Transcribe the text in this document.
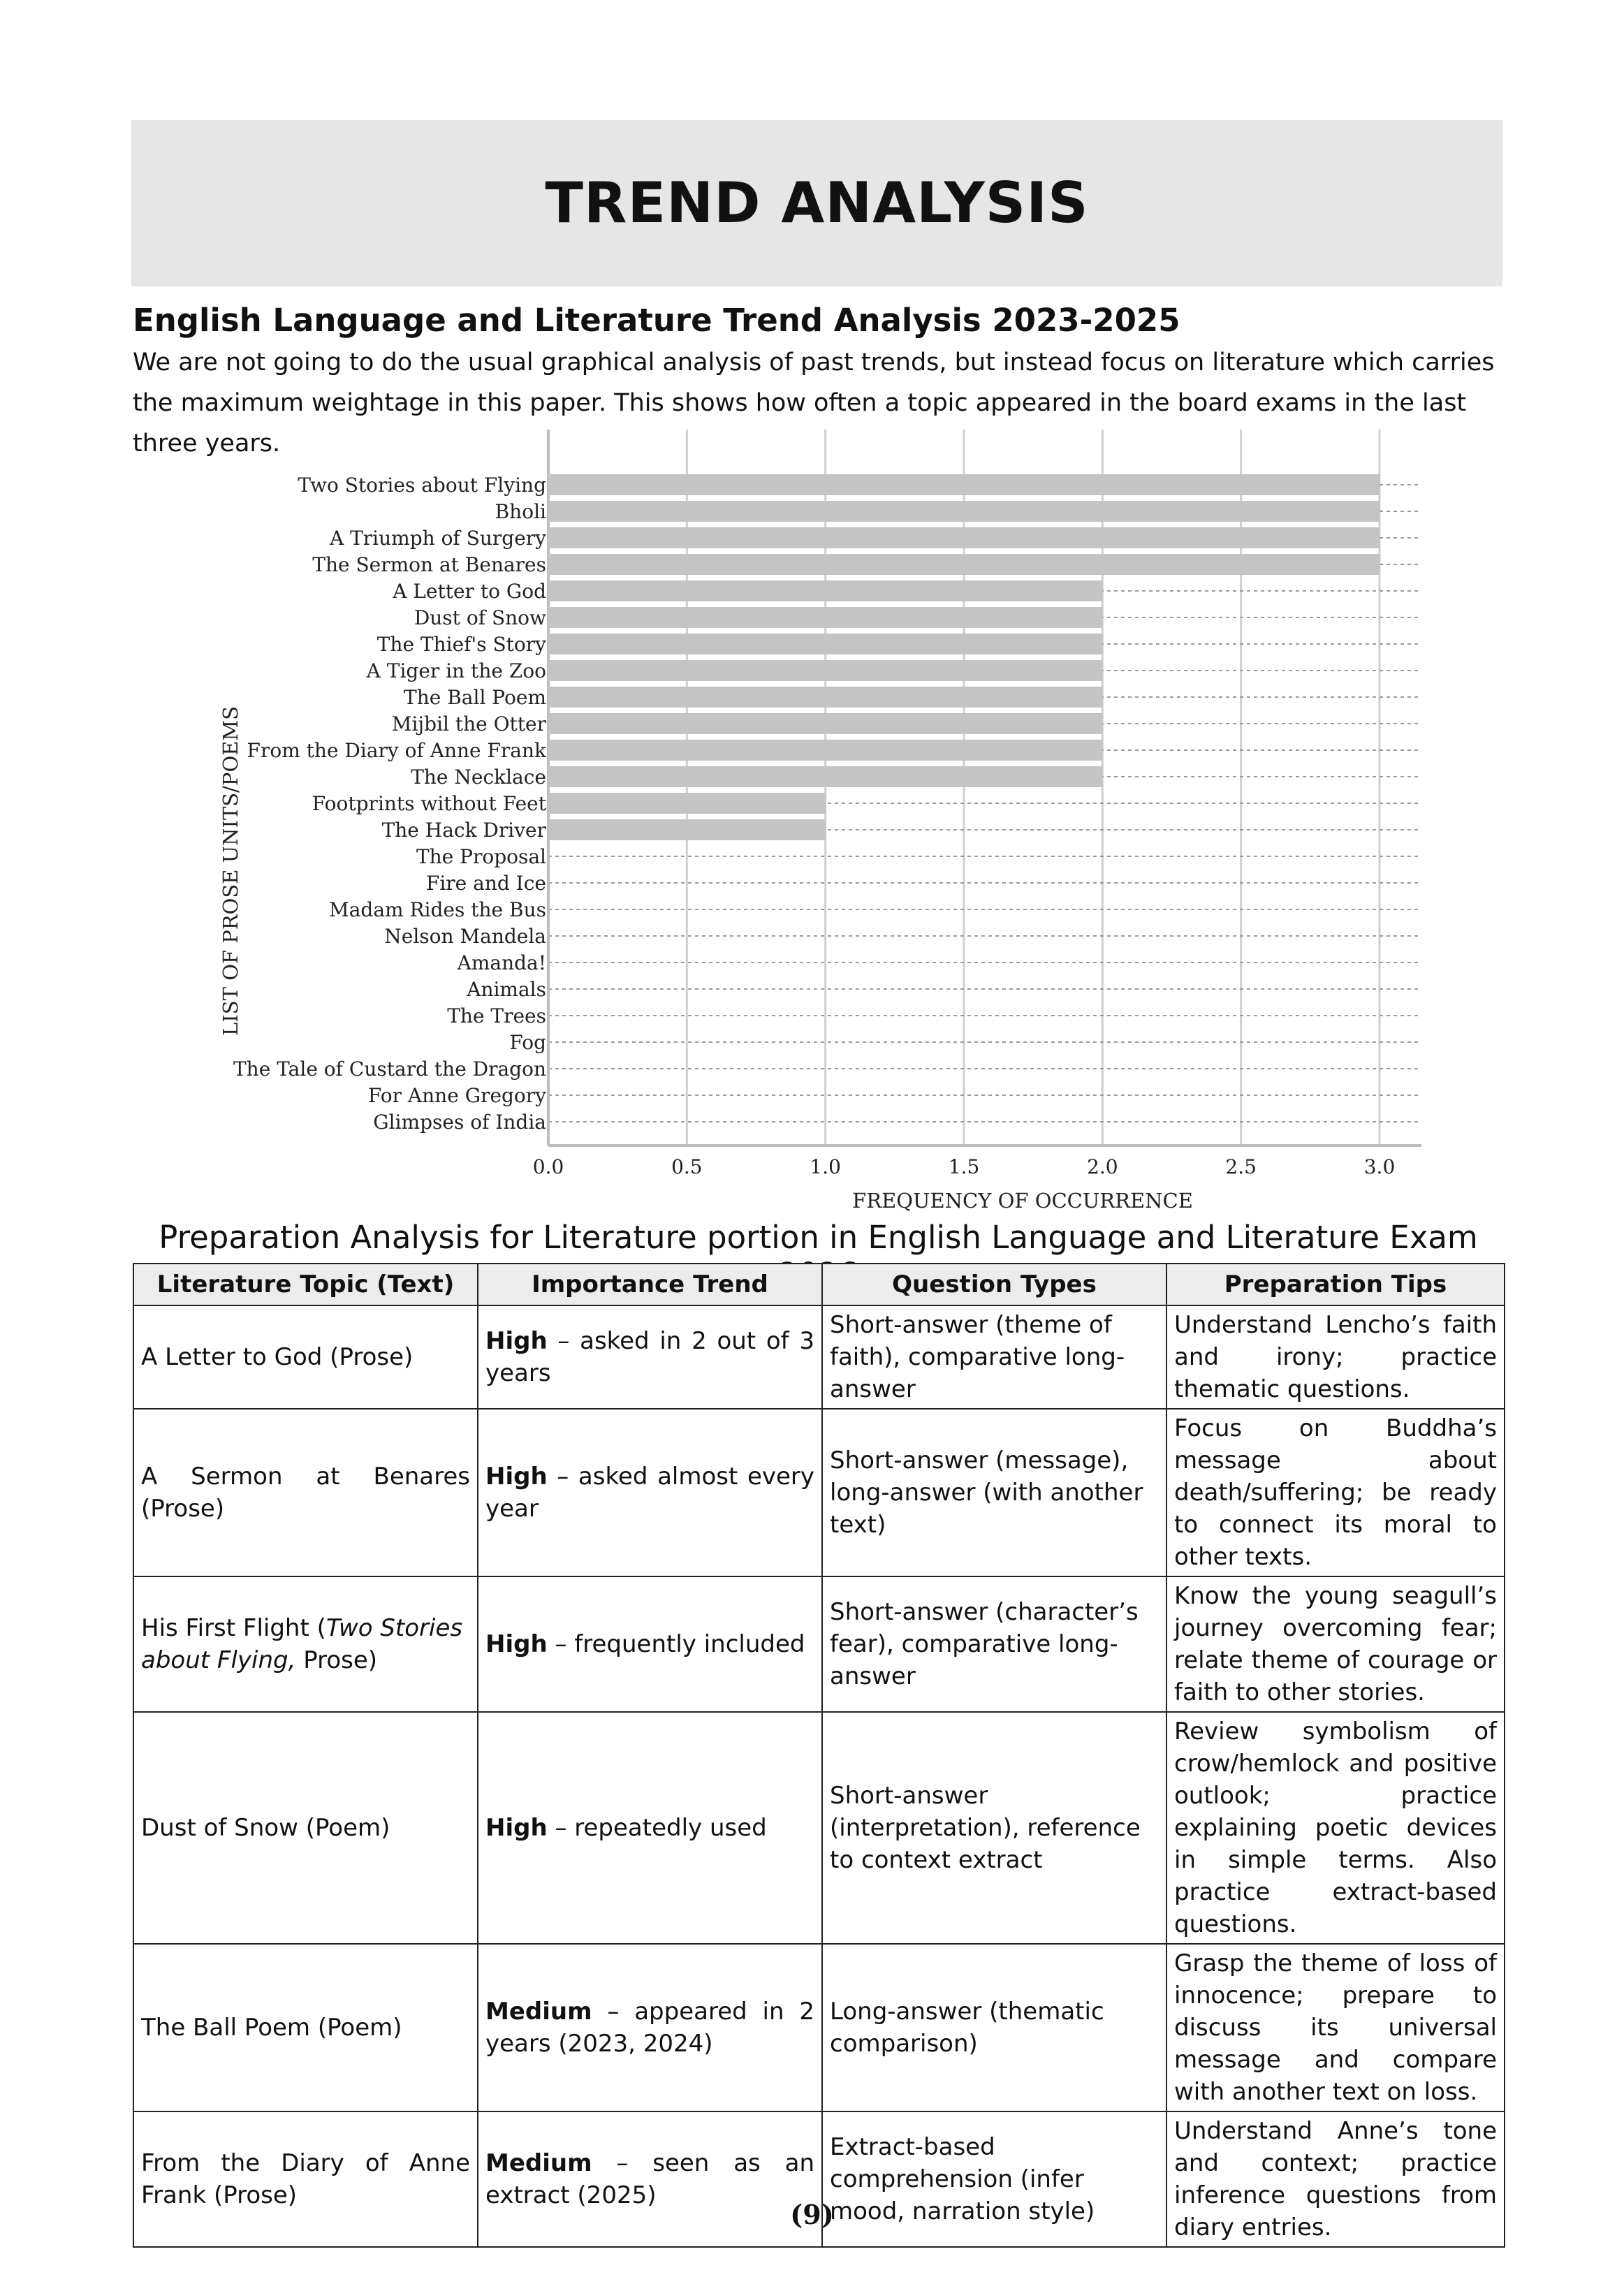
TREND ANALYSIS
English Language and Literature Trend Analysis 2023-2025

We are not going to do the usual graphical analysis of past trends, but instead focus on literature which carries the maximum weightage in this paper. This shows how often a topic appeared in the board exams in the last three years.

Two Stories about Flying
Bholi
A Triumph of Surgery
The Sermon at Benares
A Letter to God
Dust of Snow
The Thief's Story
A Tiger in the Zoo
The Ball Poem
Mijbil the Otter
From the Diary of Anne Frank
The Necklace
Footprints without Feet
The Hack Driver
The Proposal
Fire and Ice
Madam Rides the Bus
Nelson Mandela
Amanda!
Animals
The Trees
Fog
The Tale of Custard the Dragon
For Anne Gregory
Glimpses of India
0.0	0.5	1.0	1.5	2.0	2.5	3.0
FREQUENCY OF OCCURRENCE
LIST OF PROSE UNITS/POEMS

Preparation Analysis for Literature portion in English Language and Literature Exam

Literature Topic (Text)	Importance Trend	Question Types	Preparation Tips
A Letter to God (Prose)	High – asked in 2 out of 3 years	Short-answer (theme of faith), comparative long-answer	Understand Lencho’s faith and irony; practice thematic questions.
A Sermon at Benares (Prose)	High – asked almost every year	Short-answer (message), long-answer (with another text)	Focus on Buddha’s message about death/suffering; be ready to connect its moral to other texts.
His First Flight (Two Stories about Flying, Prose)	High – frequently included	Short-answer (character’s fear), comparative long-answer	Know the young seagull’s journey overcoming fear; relate theme of courage or faith to other stories.
Dust of Snow (Poem)	High – repeatedly used	Short-answer (interpretation), reference to context extract	Review symbolism of crow/hemlock and positive outlook; practice explaining poetic devices in simple terms. Also practice extract-based questions.
The Ball Poem (Poem)	Medium – appeared in 2 years (2023, 2024)	Long-answer (thematic comparison)	Grasp the theme of loss of innocence; prepare to discuss its universal message and compare with another text on loss.
From the Diary of Anne Frank (Prose)	Medium – seen as an extract (2025)	Extract-based comprehension (infer mood, narration style)	Understand Anne’s tone and context; practice inference questions from diary entries.
(9)
